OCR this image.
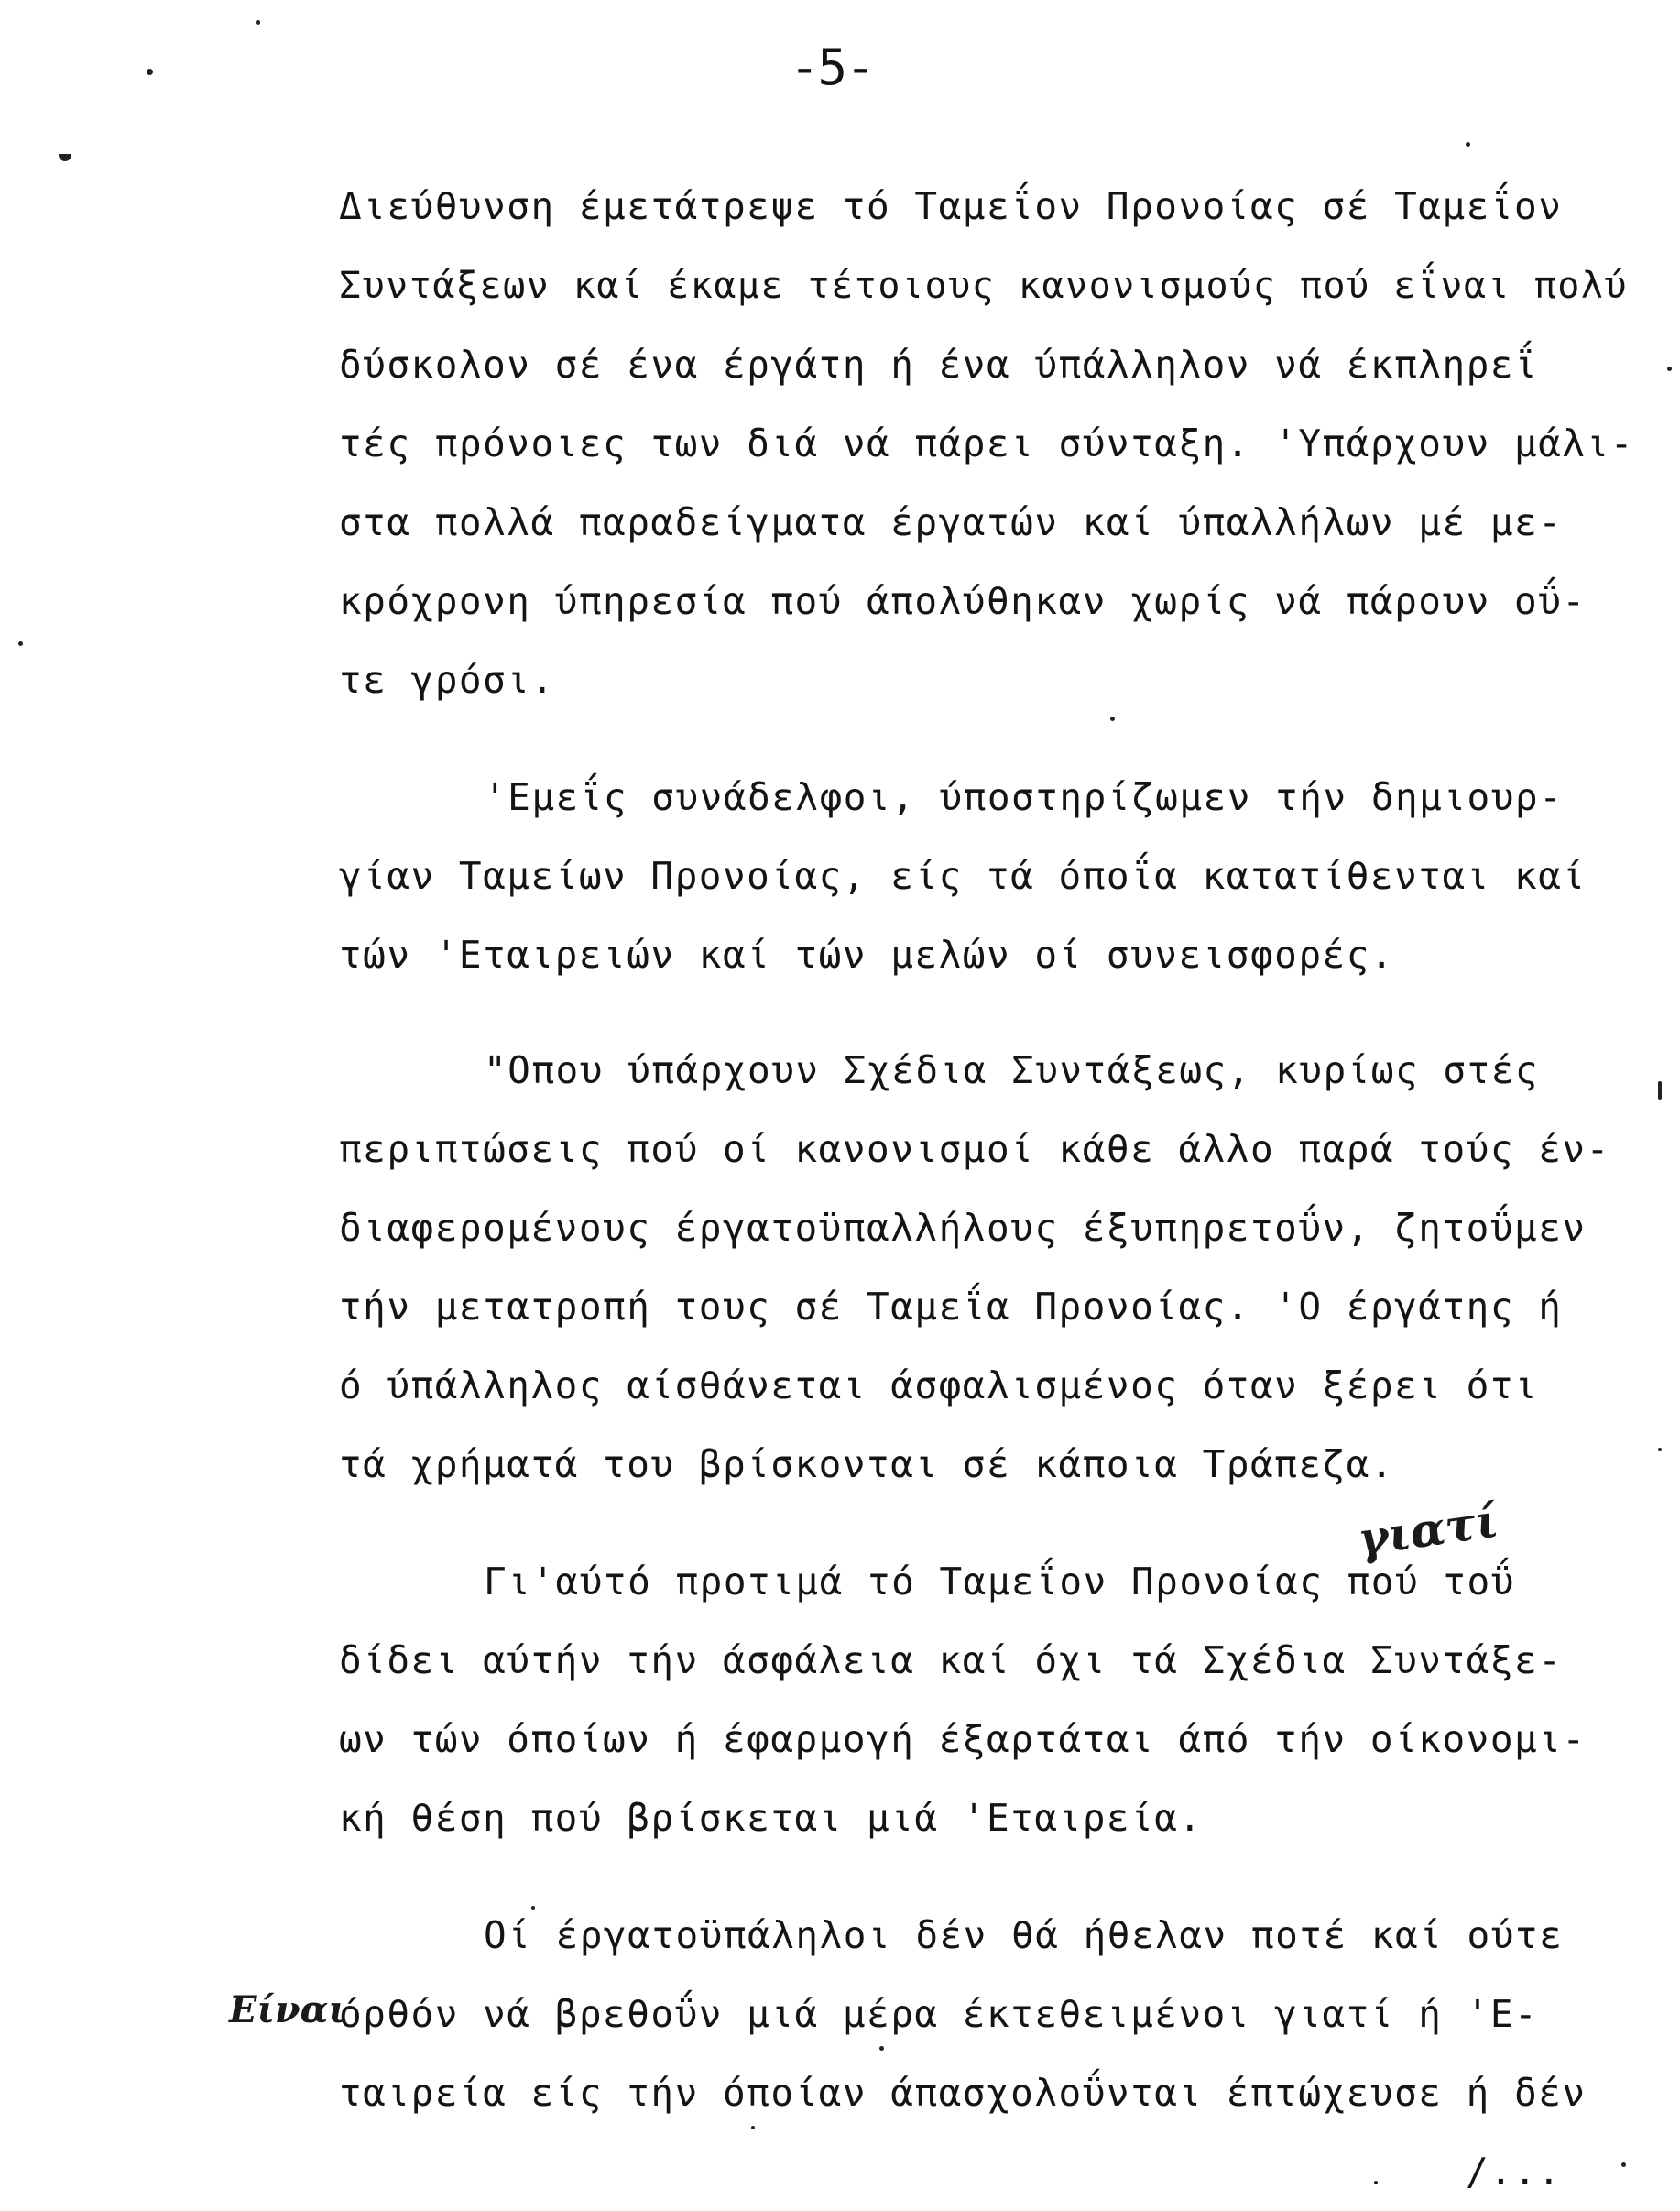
-5-
Διεύθυνση έμετάτρεψε τό Ταμεΐον Προνοίας σέ Ταμεΐον
Συντάξεων καί έκαμε τέτοιους κανονισμούς πού εΐναι πολύ
δύσκολον σέ ένα έργάτη ή ένα ύπάλληλον νά έκπληρεΐ
τές πρόνοιες των διά νά πάρει σύνταξη. 'Υπάρχουν μάλι-
στα πολλά παραδείγματα έργατών καί ύπαλλήλων μέ με-
κρόχρονη ύπηρεσία πού άπολύθηκαν χωρίς νά πάρουν οΰ-
τε γρόσι.
'Εμεΐς συνάδελφοι, ύποστηρίζωμεν τήν δημιουρ-
γίαν Ταμείων Προνοίας, είς τά όποΐα κατατίθενται καί
τών 'Εταιρειών καί τών μελών οί συνεισφορές.
"Οπου ύπάρχουν Σχέδια Συντάξεως, κυρίως στές
περιπτώσεις πού οί κανονισμοί κάθε άλλο παρά τούς έν-
διαφερομένους έργατοϋπαλλήλους έξυπηρετοΰν, ζητοΰμεν
τήν μετατροπή τους σέ Ταμεΐα Προνοίας. 'Ο έργάτης ή
ό ύπάλληλος αίσθάνεται άσφαλισμένος όταν ξέρει ότι
τά χρήματά του βρίσκονται σέ κάποια Τράπεζα.
Γι'αύτό προτιμά τό Ταμεΐον Προνοίας πού τοΰ
δίδει αύτήν τήν άσφάλεια καί όχι τά Σχέδια Συντάξε-
ων τών όποίων ή έφαρμογή έξαρτάται άπό τήν οίκονομι-
κή θέση πού βρίσκεται μιά 'Εταιρεία.
Οί έργατοϋπάληλοι δέν θά ήθελαν ποτέ καί ούτε
όρθόν νά βρεθοΰν μιά μέρα έκτεθειμένοι γιατί ή 'Ε-
ταιρεία είς τήν όποίαν άπασχολοΰνται έπτώχευσε ή δέν
/...
γιατί
Είναι
